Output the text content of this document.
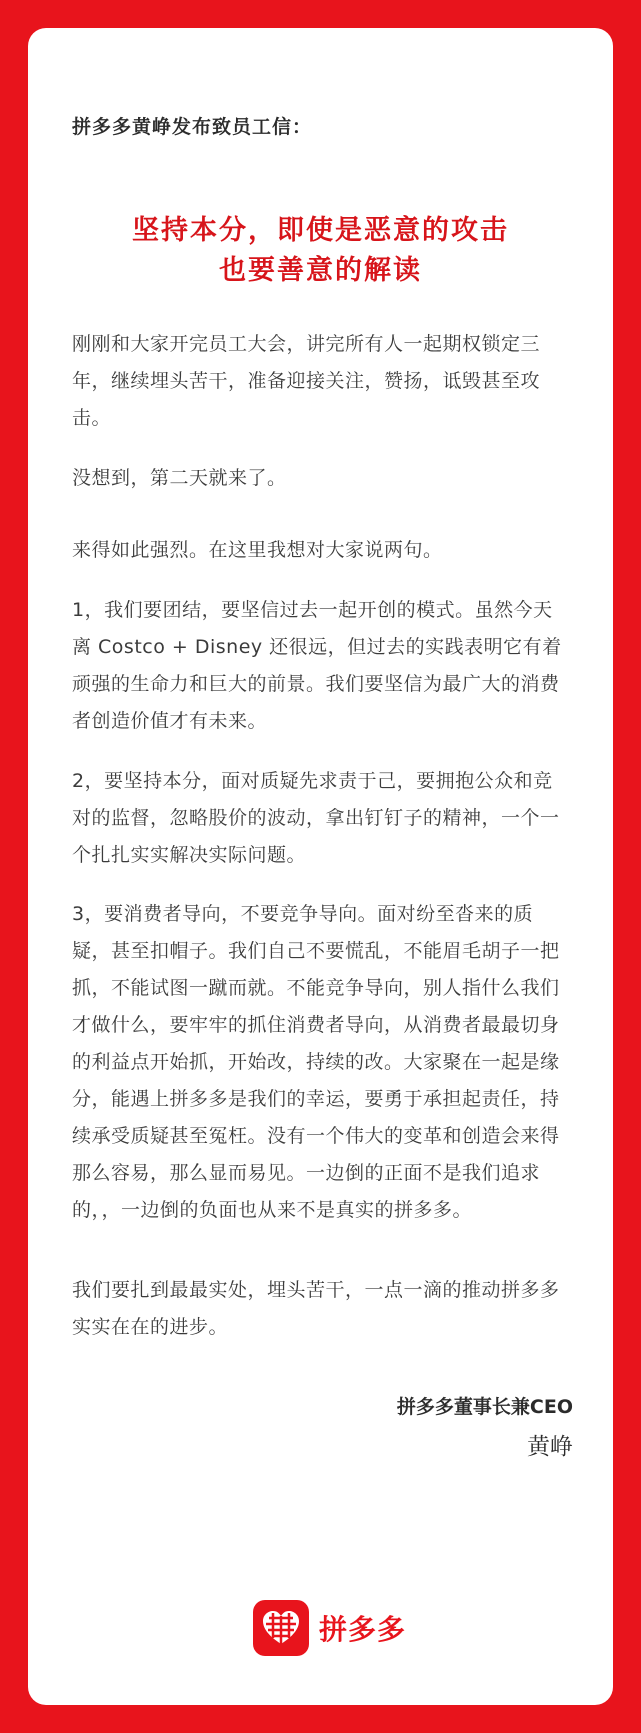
拼多多黄峥发布致员工信：
坚持本分，即使是恶意的攻击
也要善意的解读
刚刚和大家开完员工大会，讲完所有人一起期权锁定三年，继续埋头苦干，准备迎接关注，赞扬，诋毁甚至攻击。
没想到，第二天就来了。
来得如此强烈。在这里我想对大家说两句。
1，我们要团结，要坚信过去一起开创的模式。虽然今天离 Costco + Disney 还很远，但过去的实践表明它有着顽强的生命力和巨大的前景。我们要坚信为最广大的消费者创造价值才有未来。
2，要坚持本分，面对质疑先求责于己，要拥抱公众和竞对的监督，忽略股价的波动，拿出钉钉子的精神，一个一个扎扎实实解决实际问题。
3，要消费者导向，不要竞争导向。面对纷至沓来的质疑，甚至扣帽子。我们自己不要慌乱，不能眉毛胡子一把抓，不能试图一蹴而就。不能竞争导向，别人指什么我们才做什么，要牢牢的抓住消费者导向，从消费者最最切身的利益点开始抓，开始改，持续的改。大家聚在一起是缘分，能遇上拼多多是我们的幸运，要勇于承担起责任，持续承受质疑甚至冤枉。没有一个伟大的变革和创造会来得那么容易，那么显而易见。一边倒的正面不是我们追求的，，一边倒的负面也从来不是真实的拼多多。
我们要扎到最最实处，埋头苦干，一点一滴的推动拼多多实实在在的进步。
拼多多董事长兼CEO
黄峥
拼多多
